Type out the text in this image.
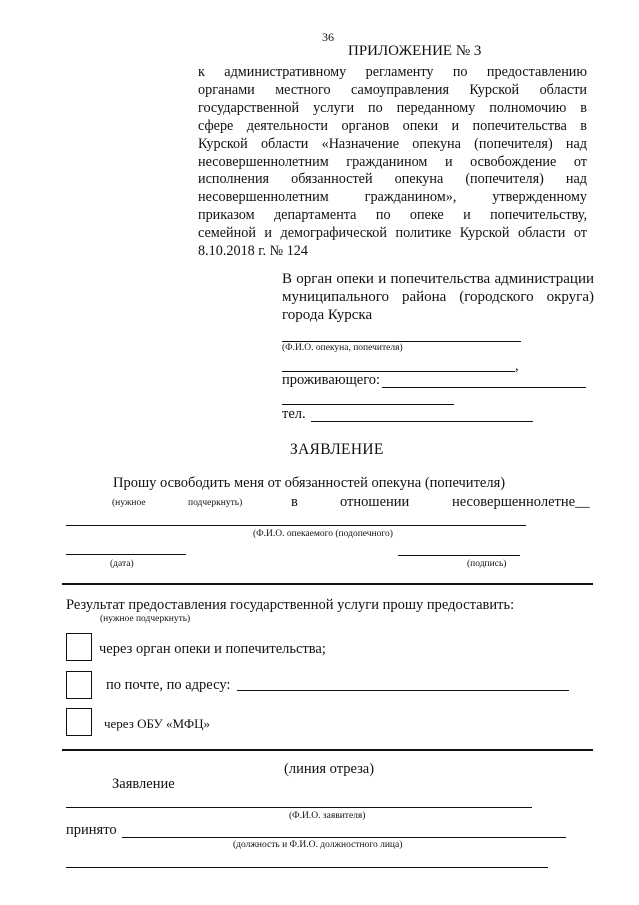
36
ПРИЛОЖЕНИЕ № 3
к административному регламенту по предоставлению
органами местного самоуправления Курской области
государственной услуги по переданному полномочию в
сфере деятельности органов опеки и попечительства в
Курской области «Назначение опекуна (попечителя) над
несовершеннолетним гражданином и освобождение от
исполнения обязанностей опекуна (попечителя) над
несовершеннолетним гражданином», утвержденному
приказом департамента по опеке и попечительству,
семейной и демографической политике Курской области от
8.10.2018 г. № 124
В орган опеки и попечительства администрации
муниципального района (городского округа)
города Курска
(Ф.И.О. опекуна, попечителя)
,
проживающего:
тел.
ЗАЯВЛЕНИЕ
Прошу освободить меня от обязанностей опекуна (попечителя)
(нужное	подчеркнуть)	в	отношении	несовершеннолетне__
(Ф.И.О. опекаемого (подопечного)
(дата)	(подпись)
Результат предоставления государственной услуги прошу предоставить:
(нужное подчеркнуть)
через орган опеки и попечительства;
по почте, по адресу:
через ОБУ «МФЦ»
(линия отреза)
Заявление
(Ф.И.О. заявителя)
принято
(должность и Ф.И.О. должностного лица)
